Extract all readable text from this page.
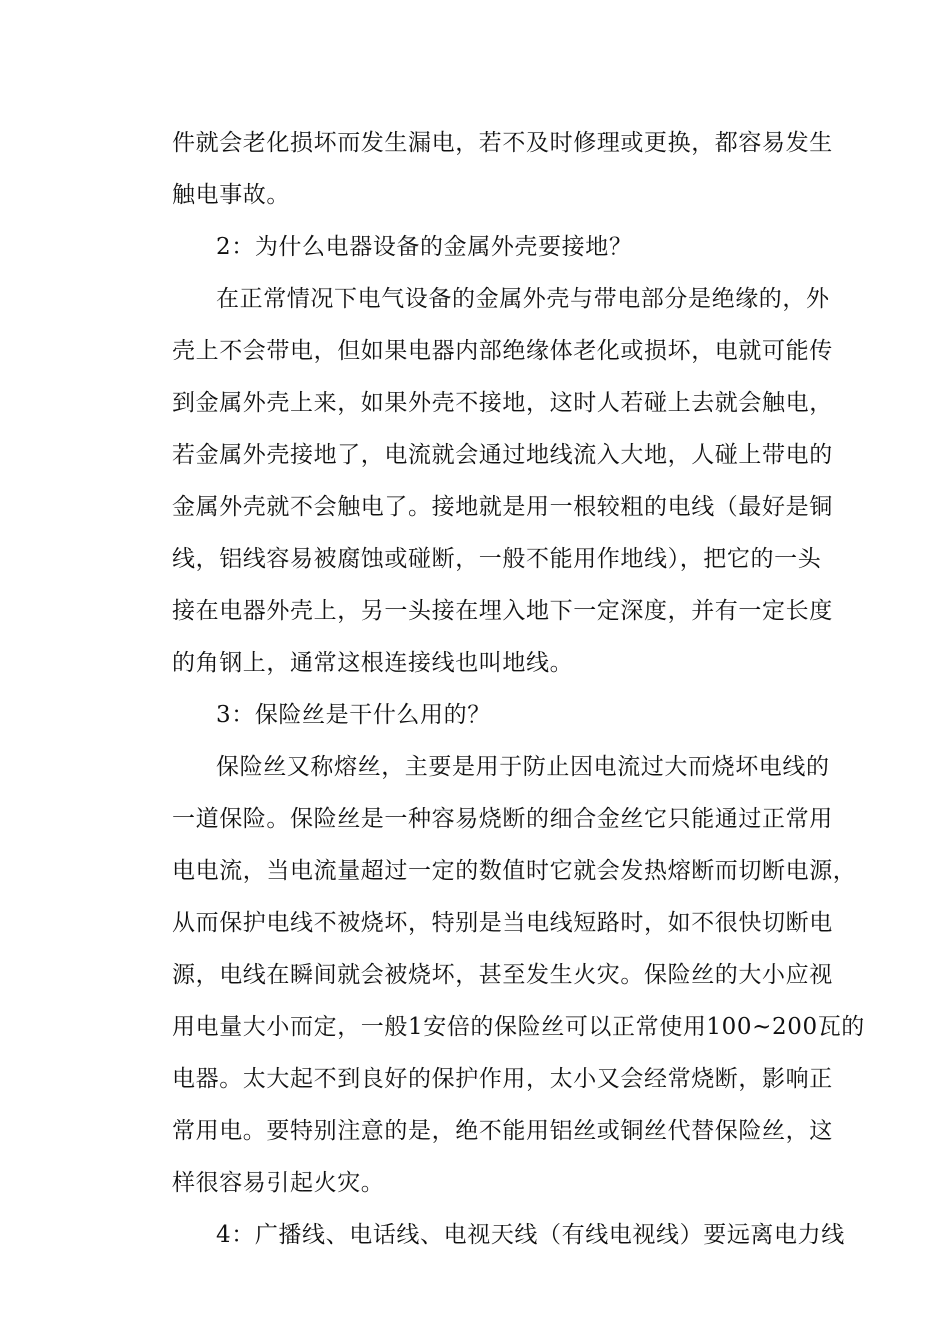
件就会老化损坏而发生漏电，若不及时修理或更换，都容易发生
触电事故。
2：为什么电器设备的金属外壳要接地？
在正常情况下电气设备的金属外壳与带电部分是绝缘的，外
壳上不会带电，但如果电器内部绝缘体老化或损坏，电就可能传
到金属外壳上来，如果外壳不接地，这时人若碰上去就会触电，
若金属外壳接地了，电流就会通过地线流入大地，人碰上带电的
金属外壳就不会触电了。接地就是用一根较粗的电线（最好是铜
线，铝线容易被腐蚀或碰断，一般不能用作地线），把它的一头
接在电器外壳上，另一头接在埋入地下一定深度，并有一定长度
的角钢上，通常这根连接线也叫地线。
3：保险丝是干什么用的？
保险丝又称熔丝，主要是用于防止因电流过大而烧坏电线的
一道保险。保险丝是一种容易烧断的细合金丝它只能通过正常用
电电流，当电流量超过一定的数值时它就会发热熔断而切断电源，
从而保护电线不被烧坏，特别是当电线短路时，如不很快切断电
源，电线在瞬间就会被烧坏，甚至发生火灾。保险丝的大小应视
用电量大小而定，一般1安倍的保险丝可以正常使用100~200瓦的
电器。太大起不到良好的保护作用，太小又会经常烧断，影响正
常用电。要特别注意的是，绝不能用铝丝或铜丝代替保险丝，这
样很容易引起火灾。
4：广播线、电话线、电视天线（有线电视线）要远离电力线
